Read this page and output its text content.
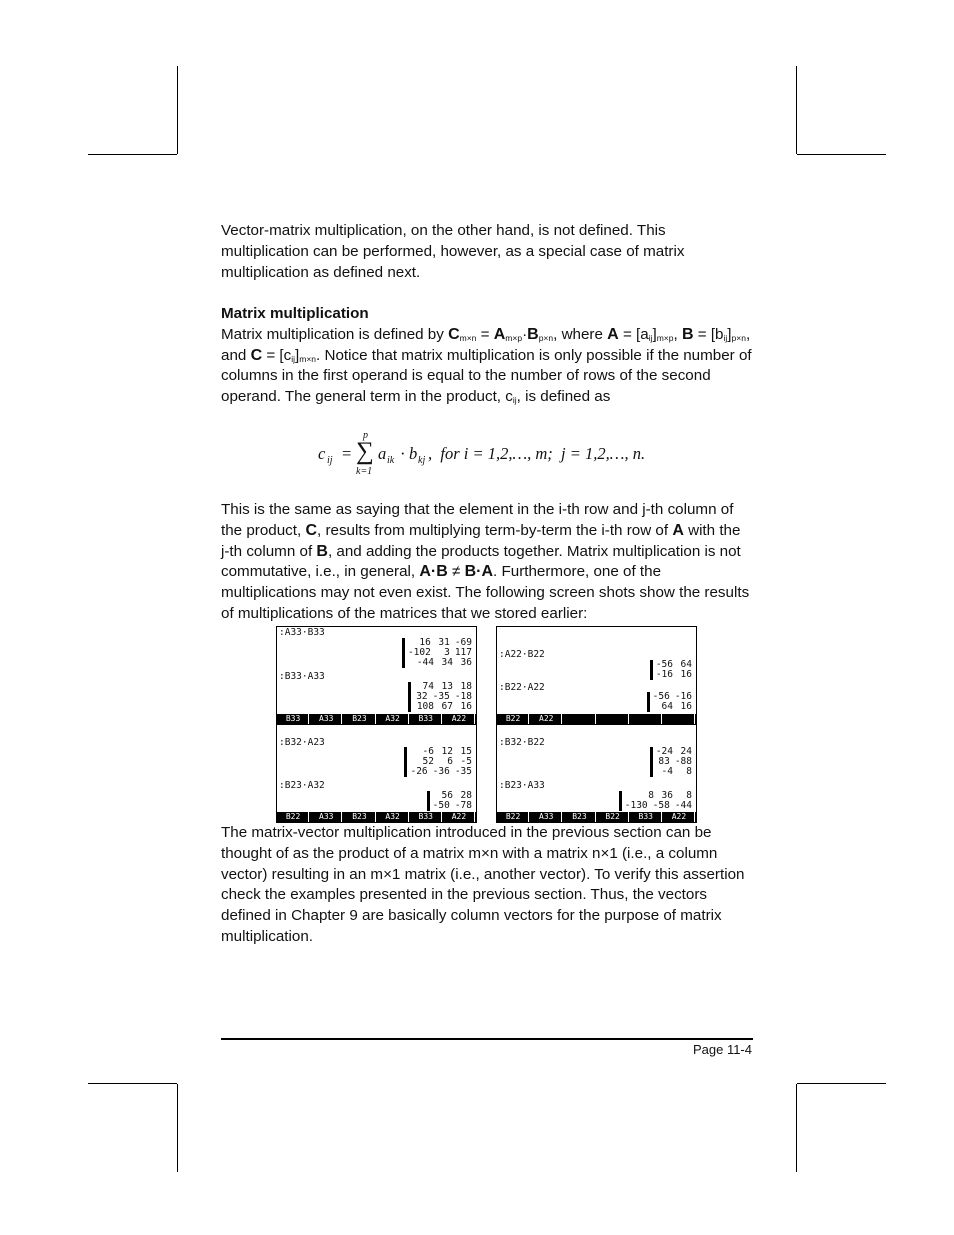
Vector-matrix multiplication, on the other hand, is not defined. This multiplication can be performed, however, as a special case of matrix multiplication as defined next.

Matrix multiplication

Matrix multiplication is defined by $C_{m\times n} = A_{m\times p}\cdot B_{p\times n}$, where $A = [a_{ij}]_{m\times p}$, $B = [b_{ij}]_{p\times n}$, and $C = [c_{ij}]_{m\times n}$. Notice that matrix multiplication is only possible if the number of columns in the first operand is equal to the number of rows of the second operand. The general term in the product, $c_{ij}$, is defined as

c ij =
p
∑
k=1
a ik · b kj ,  for i = 1,2,…, m;  j = 1,2,…, n.

This is the same as saying that the element in the i-th row and j-th column of the product, C, results from multiplying term-by-term the i-th row of A with the j-th column of B, and adding the products together. Matrix multiplication is not commutative, i.e., in general, A·B ≠ B·A. Furthermore, one of the multiplications may not even exist. The following screen shots show the results of multiplications of the matrices that we stored earlier:

:A33·B33
16 31 -69
-102	3 117
-44 34 36
:B33·A33
74 13 18
32 -35 -18
108 67 16
B33	A33	B23	A32	B33	A22
:A22·B22
-56 64
-16 16
:B22·A22
-56 -16
64 16
B22	A22
:B32·A23
-6 12 15
52	6 -5
-26 -36 -35
:B23·A32
56 28
-50 -78
B22	A33	B23	A32	B33	A22
:B32·B22
-24 24
83 -88
-4	8
:B23·A33
8 36	8
-130 -58 -44
B22	A33	B23	B22	B33	A22

The matrix-vector multiplication introduced in the previous section can be thought of as the product of a matrix m×n with a matrix n×1 (i.e., a column vector) resulting in an m×1 matrix (i.e., another vector). To verify this assertion check the examples presented in the previous section. Thus, the vectors defined in Chapter 9 are basically column vectors for the purpose of matrix multiplication.

Page 11-4
